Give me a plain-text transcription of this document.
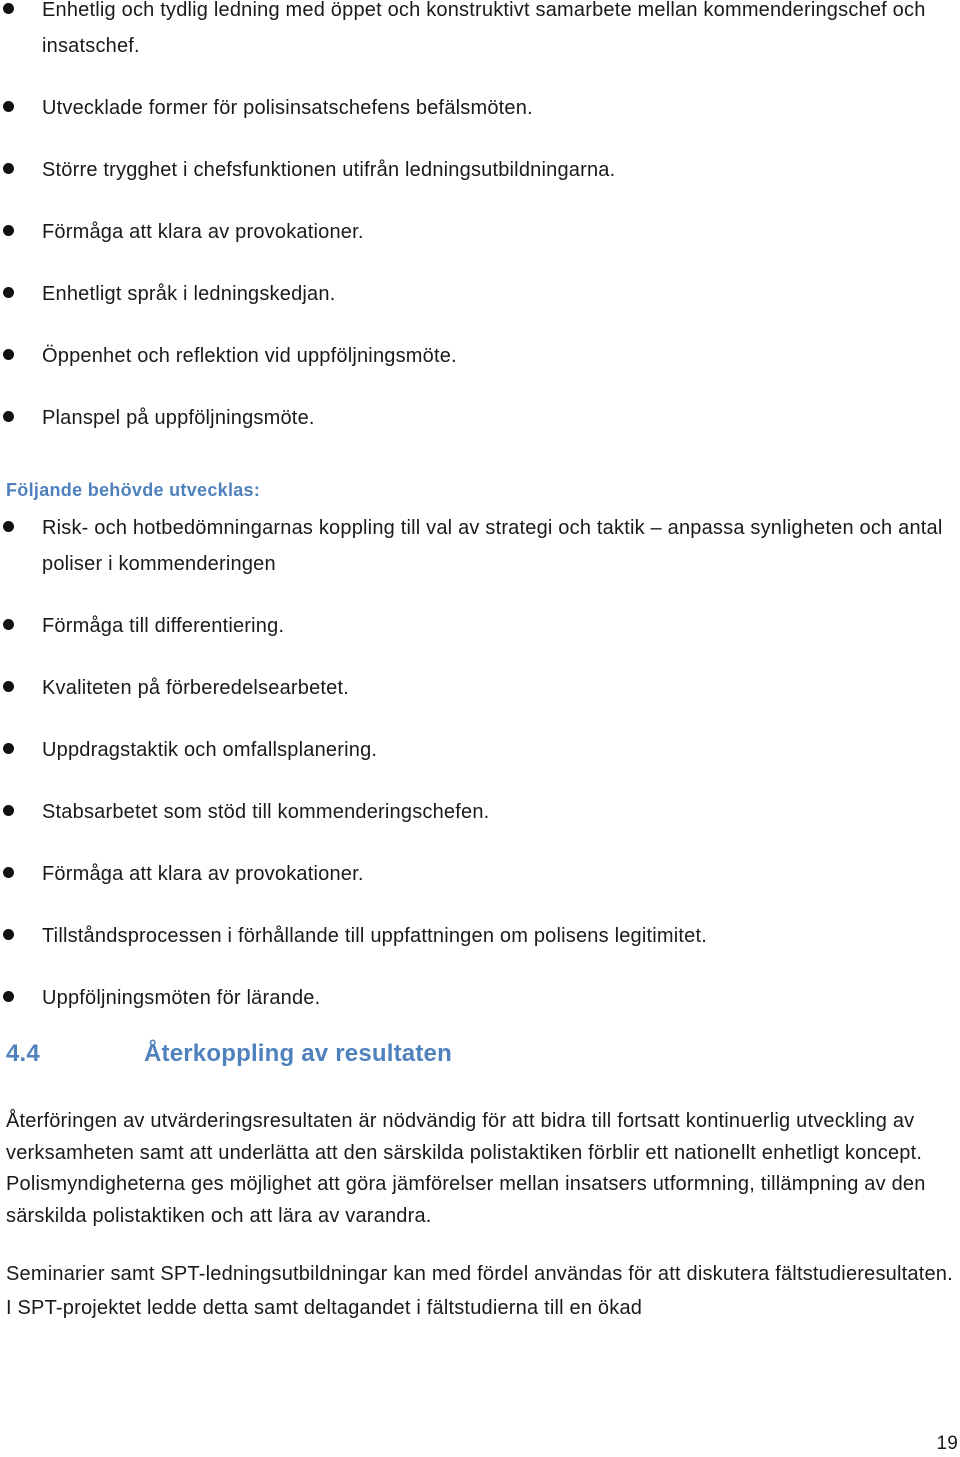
Enhetlig och tydlig ledning med öppet och konstruktivt samarbete mellan kommenderingschef och insatschef.
Utvecklade former för polisinsatschefens befälsmöten.
Större trygghet i chefsfunktionen utifrån ledningsutbildningarna.
Förmåga att klara av provokationer.
Enhetligt språk i ledningskedjan.
Öppenhet och reflektion vid uppföljningsmöte.
Planspel på uppföljningsmöte.
Följande behövde utvecklas:
Risk- och hotbedömningarnas koppling till val av strategi och taktik – anpassa synligheten och antal poliser i kommenderingen
Förmåga till differentiering.
Kvaliteten på förberedelsearbetet.
Uppdragstaktik och omfallsplanering.
Stabsarbetet som stöd till kommenderingschefen.
Förmåga att klara av provokationer.
Tillståndsprocessen i förhållande till uppfattningen om polisens legitimitet.
Uppföljningsmöten för lärande.
4.4	Återkoppling av resultaten

Återföringen av utvärderingsresultaten är nödvändig för att bidra till fortsatt kontinuerlig utveckling av verksamheten samt att underlätta att den särskilda polistaktiken förblir ett nationellt enhetligt koncept. Polismyndigheterna ges möjlighet att göra jämförelser mellan insatsers utformning, tillämpning av den särskilda polistaktiken och att lära av varandra.

Seminarier samt SPT-ledningsutbildningar kan med fördel användas för att diskutera fältstudieresultaten. I SPT-projektet ledde detta samt deltagandet i fältstudierna till en ökad

19
